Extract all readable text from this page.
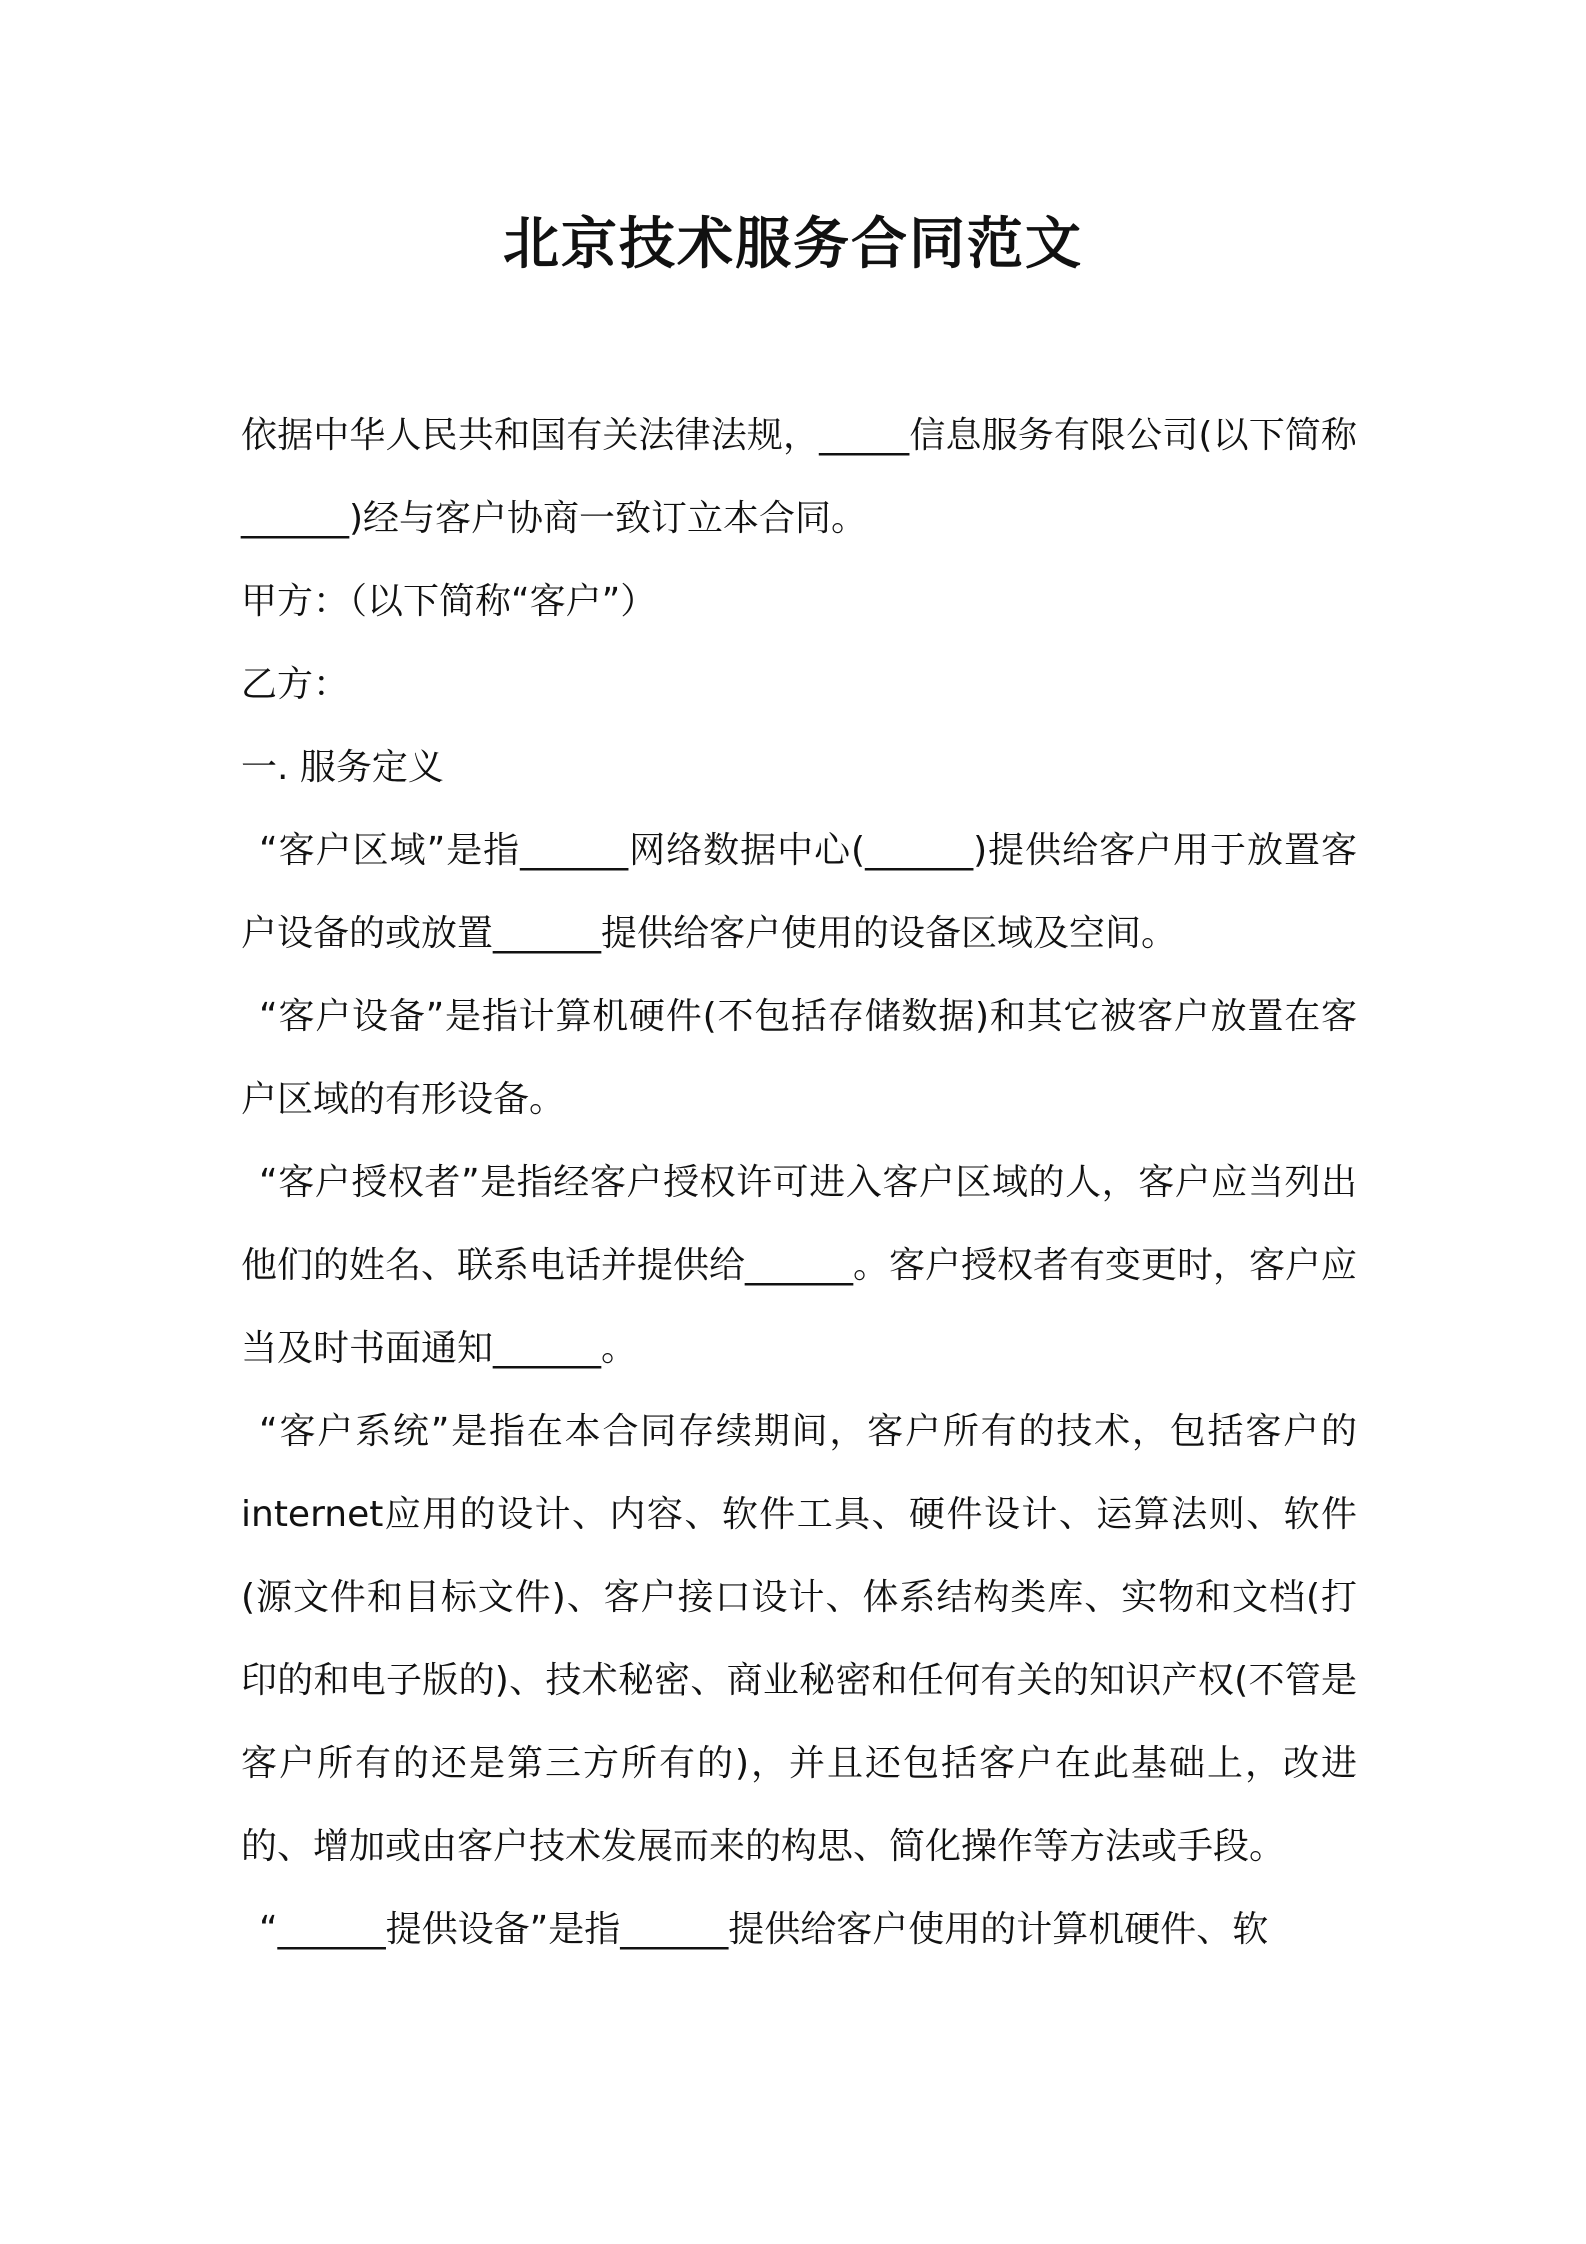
北京技术服务合同范文

依据中华人民共和国有关法律法规，_____信息服务有限公司(以下简称______)经与客户协商一致订立本合同。

甲方：（以下简称“客户”）

乙方：

一. 服务定义

“客户区域”是指______网络数据中心(______)提供给客户用于放置客户设备的或放置______提供给客户使用的设备区域及空间。

“客户设备”是指计算机硬件(不包括存储数据)和其它被客户放置在客户区域的有形设备。

“客户授权者”是指经客户授权许可进入客户区域的人，客户应当列出他们的姓名、联系电话并提供给______。客户授权者有变更时，客户应当及时书面通知______。

“客户系统”是指在本合同存续期间，客户所有的技术，包括客户的internet应用的设计、内容、软件工具、硬件设计、运算法则、软件(源文件和目标文件)、客户接口设计、体系结构类库、实物和文档(打印的和电子版的)、技术秘密、商业秘密和任何有关的知识产权(不管是客户所有的还是第三方所有的)，并且还包括客户在此基础上，改进的、增加或由客户技术发展而来的构思、简化操作等方法或手段。

“______提供设备”是指______提供给客户使用的计算机硬件、软
